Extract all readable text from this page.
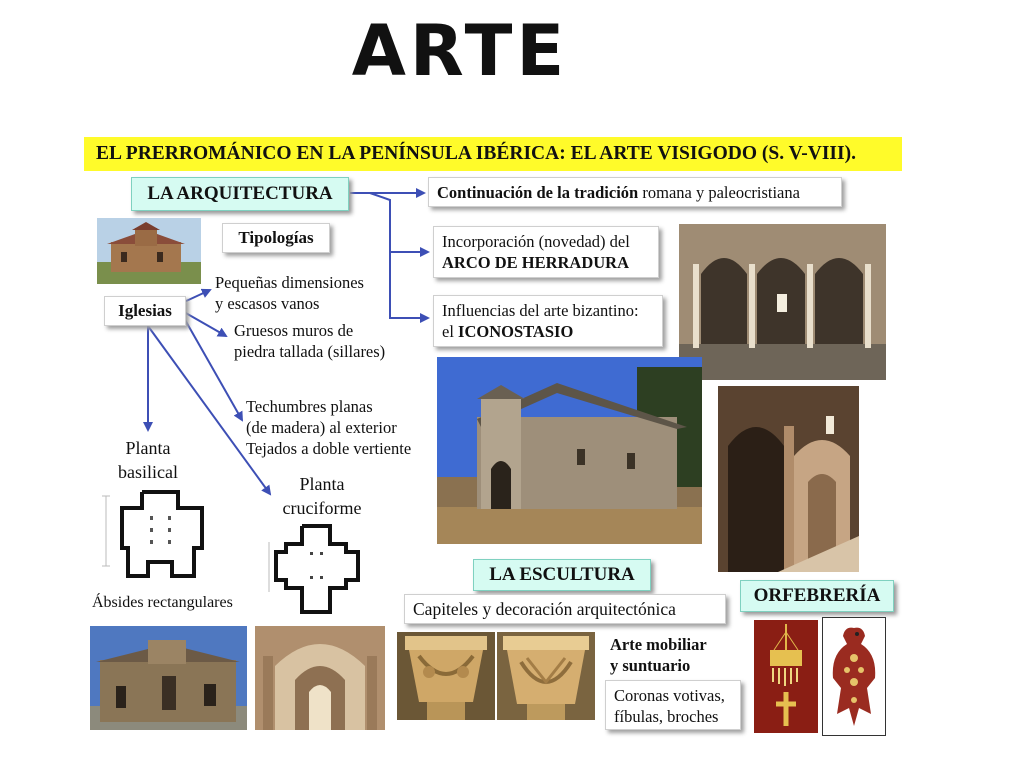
ARTE
EL PRERROMÁNICO EN LA PENÍNSULA IBÉRICA: EL ARTE VISIGODO (S. V-VIII).
LA ARQUITECTURA	Continuación de la tradición romana y paleocristiana
Incorporación (novedad) del
ARCO DE HERRADURA
Influencias del arte bizantino:
el ICONOSTASIO
Tipologías
Iglesias
Pequeñas dimensiones
y escasos vanos
Gruesos muros de
piedra tallada (sillares)
Techumbres planas
(de madera) al exterior
Tejados a doble vertiente
Planta
basilical
Ábsides rectangulares
Planta
cruciforme
LA ESCULTURA
Capiteles y decoración arquitectónica
Arte mobiliar
y suntuario
Coronas votivas,
fíbulas, broches
ORFEBRERÍA
